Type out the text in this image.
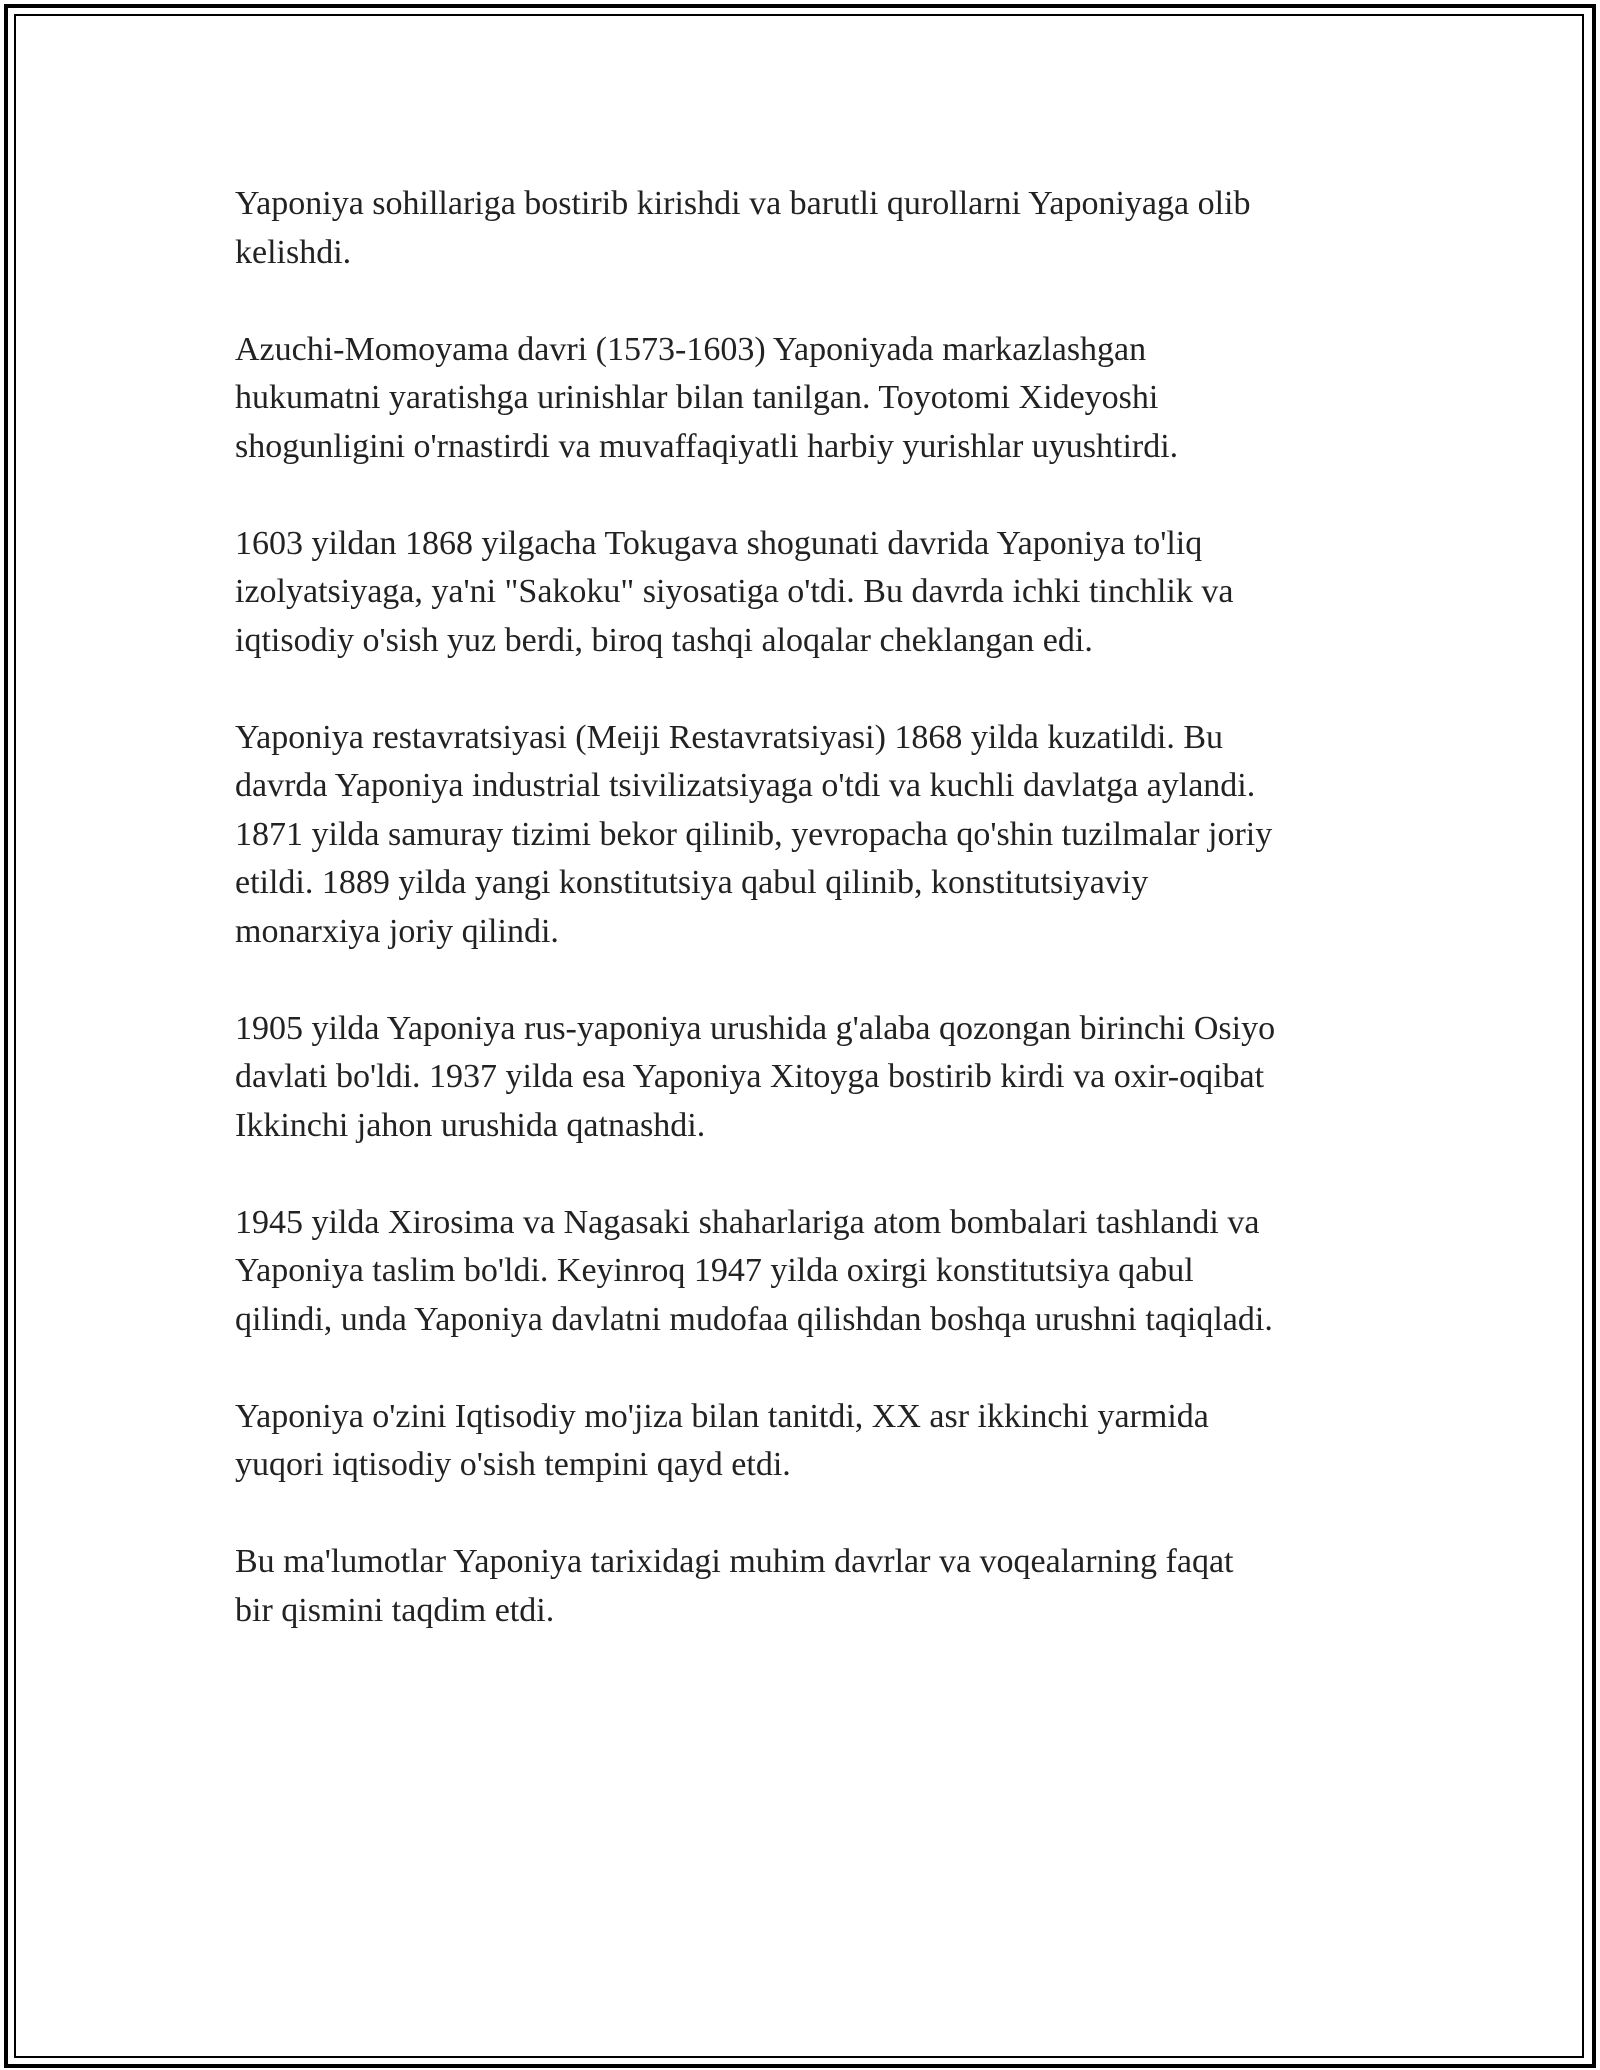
Yaponiya sohillariga bostirib kirishdi va barutli qurollarni Yaponiyaga olib
kelishdi.

Azuchi-Momoyama davri (1573-1603) Yaponiyada markazlashgan
hukumatni yaratishga urinishlar bilan tanilgan. Toyotomi Xideyoshi
shogunligini o'rnastirdi va muvaffaqiyatli harbiy yurishlar uyushtirdi.

1603 yildan 1868 yilgacha Tokugava shogunati davrida Yaponiya to'liq
izolyatsiyaga, ya'ni "Sakoku" siyosatiga o'tdi. Bu davrda ichki tinchlik va
iqtisodiy o'sish yuz berdi, biroq tashqi aloqalar cheklangan edi.

Yaponiya restavratsiyasi (Meiji Restavratsiyasi) 1868 yilda kuzatildi. Bu
davrda Yaponiya industrial tsivilizatsiyaga o'tdi va kuchli davlatga aylandi.
1871 yilda samuray tizimi bekor qilinib, yevropacha qo'shin tuzilmalar joriy
etildi. 1889 yilda yangi konstitutsiya qabul qilinib, konstitutsiyaviy
monarxiya joriy qilindi.

1905 yilda Yaponiya rus-yaponiya urushida g'alaba qozongan birinchi Osiyo
davlati bo'ldi. 1937 yilda esa Yaponiya Xitoyga bostirib kirdi va oxir-oqibat
Ikkinchi jahon urushida qatnashdi.

1945 yilda Xirosima va Nagasaki shaharlariga atom bombalari tashlandi va
Yaponiya taslim bo'ldi. Keyinroq 1947 yilda oxirgi konstitutsiya qabul
qilindi, unda Yaponiya davlatni mudofaa qilishdan boshqa urushni taqiqladi.

Yaponiya o'zini Iqtisodiy mo'jiza bilan tanitdi, XX asr ikkinchi yarmida
yuqori iqtisodiy o'sish tempini qayd etdi.

Bu ma'lumotlar Yaponiya tarixidagi muhim davrlar va voqealarning faqat
bir qismini taqdim etdi.
